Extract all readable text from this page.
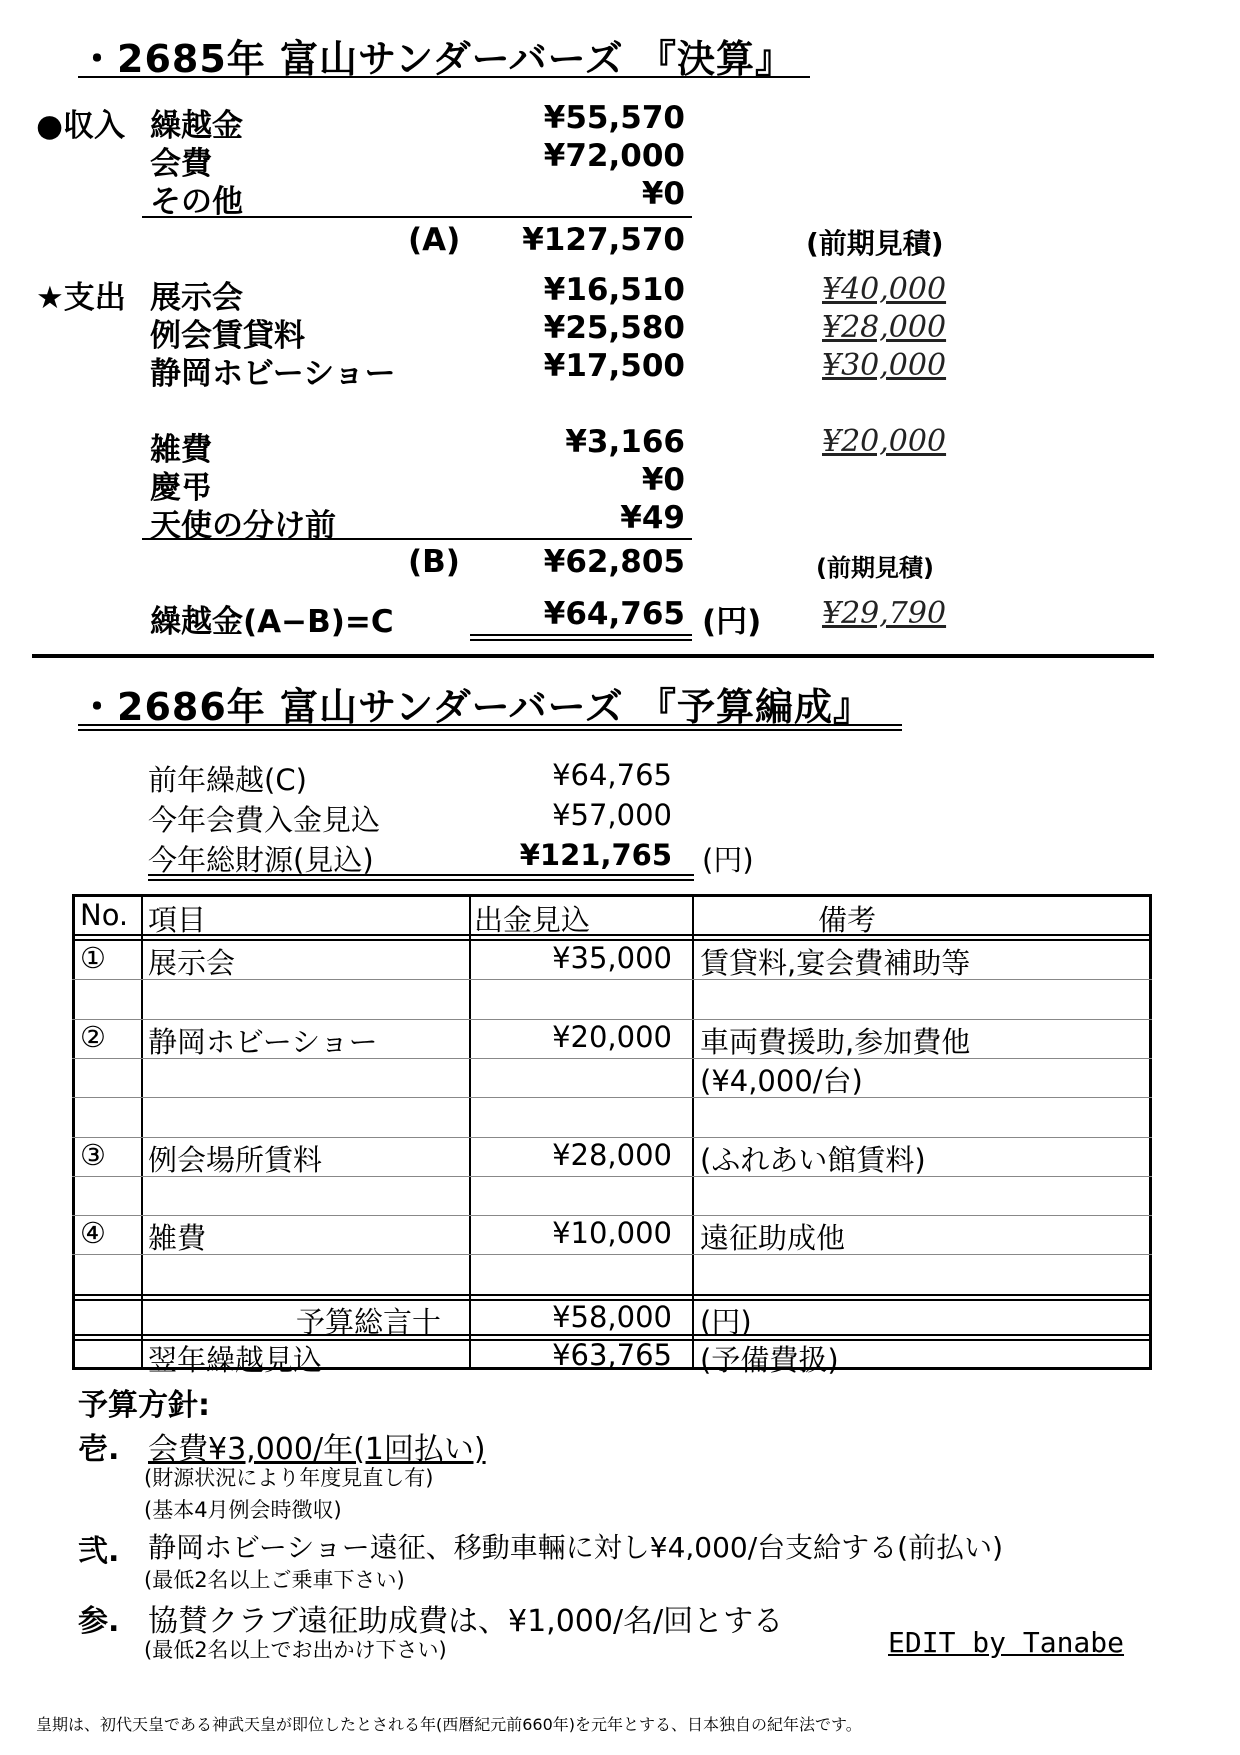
・2685年 富山サンダーバーズ 『決算』
●収入 繰越金	¥55,570
会費	¥72,000
その他	¥0
(A)	¥127,570	(前期見積)
★支出 展示会	¥16,510	¥40,000
例会賃貸料	¥25,580	¥28,000
静岡ホビーショー	¥17,500	¥30,000
雑費	¥3,166	¥20,000
慶弔	¥0
天使の分け前	¥49
(B)	¥62,805	(前期見積)
繰越金(A−B)=C	¥64,765 (円) ¥29,790
・2686年 富山サンダーバーズ 『予算編成』
前年繰越(C)	¥64,765
今年会費入金見込	¥57,000
今年総財源(見込)	¥121,765 (円)
No. 項目	出金見込	備考
① 展示会	¥35,000 賃貸料,宴会費補助等
② 静岡ホビーショー	¥20,000 車両費援助,参加費他
(¥4,000/台)
③ 例会場所賃料	¥28,000 (ふれあい館賃料)
④ 雑費	¥10,000 遠征助成他
予算総言十	¥58,000 (円)
翌年繰越見込	¥63,765 (予備費扱)
予算方針:
壱. 会費¥3,000/年(1回払い)
(財源状況により年度見直し有)
(基本4月例会時徴収)
弐. 静岡ホビーショー遠征、移動車輛に対し¥4,000/台支給する(前払い)
(最低2名以上ご乗車下さい)
参. 協賛クラブ遠征助成費は、¥1,000/名/回とする
(最低2名以上でお出かけ下さい)	EDIT by Tanabe
皇期は、初代天皇である神武天皇が即位したとされる年(西暦紀元前660年)を元年とする、日本独自の紀年法です。
